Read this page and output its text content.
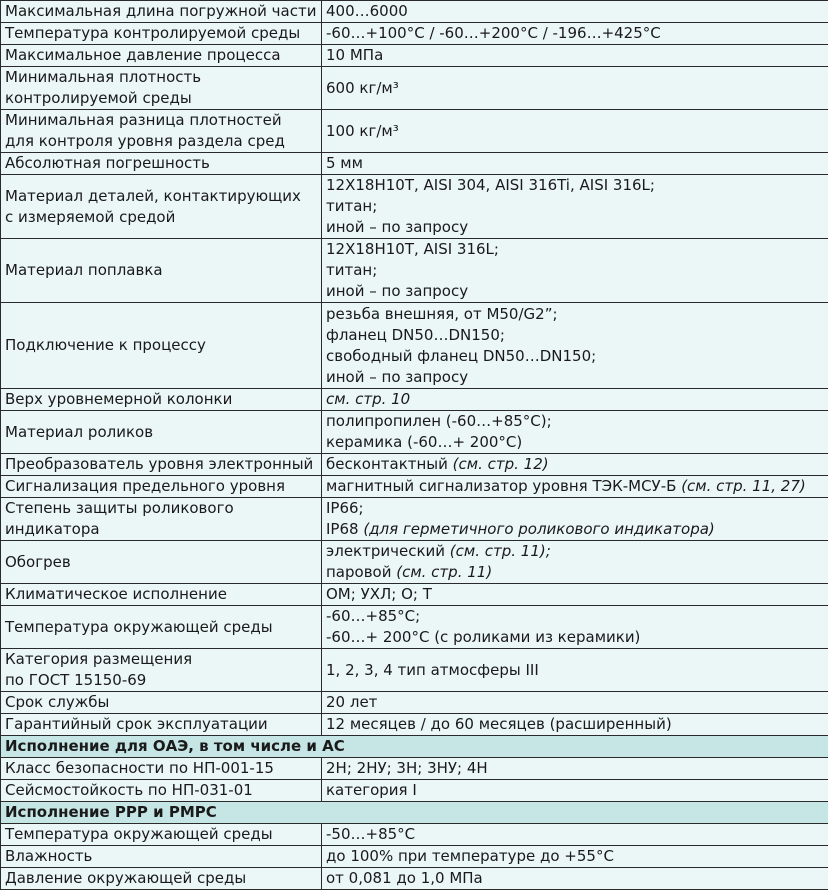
Максимальная длина погружной части	400…6000

Температура контролируемой среды	-60…+100°C / -60…+200°C / -196…+425°C

Максимальное давление процесса	10 МПа

Минимальная плотность
контролируемой среды	600 кг/м³

Минимальная разница плотностей
для контроля уровня раздела сред	100 кг/м³

Абсолютная погрешность	5 мм

Материал деталей, контактирующих
с измеряемой средой	12Х18Н10Т, AISI 304, AISI 316Ti, AISI 316L;
титан;
иной – по запросу

Материал поплавка	12Х18Н10Т, AISI 316L;
титан;
иной – по запросу

Подключение к процессу	резьба внешняя, от М50/G2”;
фланец DN50…DN150;
свободный фланец DN50…DN150;
иной – по запросу

Верх уровнемерной колонки	см. стр. 10

Материал роликов	полипропилен (-60…+85°C);
керамика (-60…+ 200°C)

Преобразователь уровня электронный	бесконтактный (см. стр. 12)

Сигнализация предельного уровня	магнитный сигнализатор уровня ТЭК-МСУ-Б (см. стр. 11, 27)

Степень защиты роликового
индикатора	IP66;
IP68 (для герметичного роликового индикатора)

Обогрев	электрический (см. стр. 11);
паровой (см. стр. 11)

Климатическое исполнение	ОМ; УХЛ; О; Т

Температура окружающей среды	-60…+85°C;
-60…+ 200°C (с роликами из керамики)

Категория размещения
по ГОСТ 15150-69	1, 2, 3, 4 тип атмосферы III

Срок службы	20 лет

Гарантийный срок эксплуатации	12 месяцев / до 60 месяцев (расширенный)

Исполнение для ОАЭ, в том числе и АС	

Класс безопасности по НП-001-15	2Н; 2НУ; 3Н; 3НУ; 4Н

Сейсмостойкость по НП-031-01	категория I

Исполнение РРР и РМРС	

Температура окружающей среды	-50…+85°C

Влажность	до 100% при температуре до +55°C

Давление окружающей среды	от 0,081 до 1,0 МПа
